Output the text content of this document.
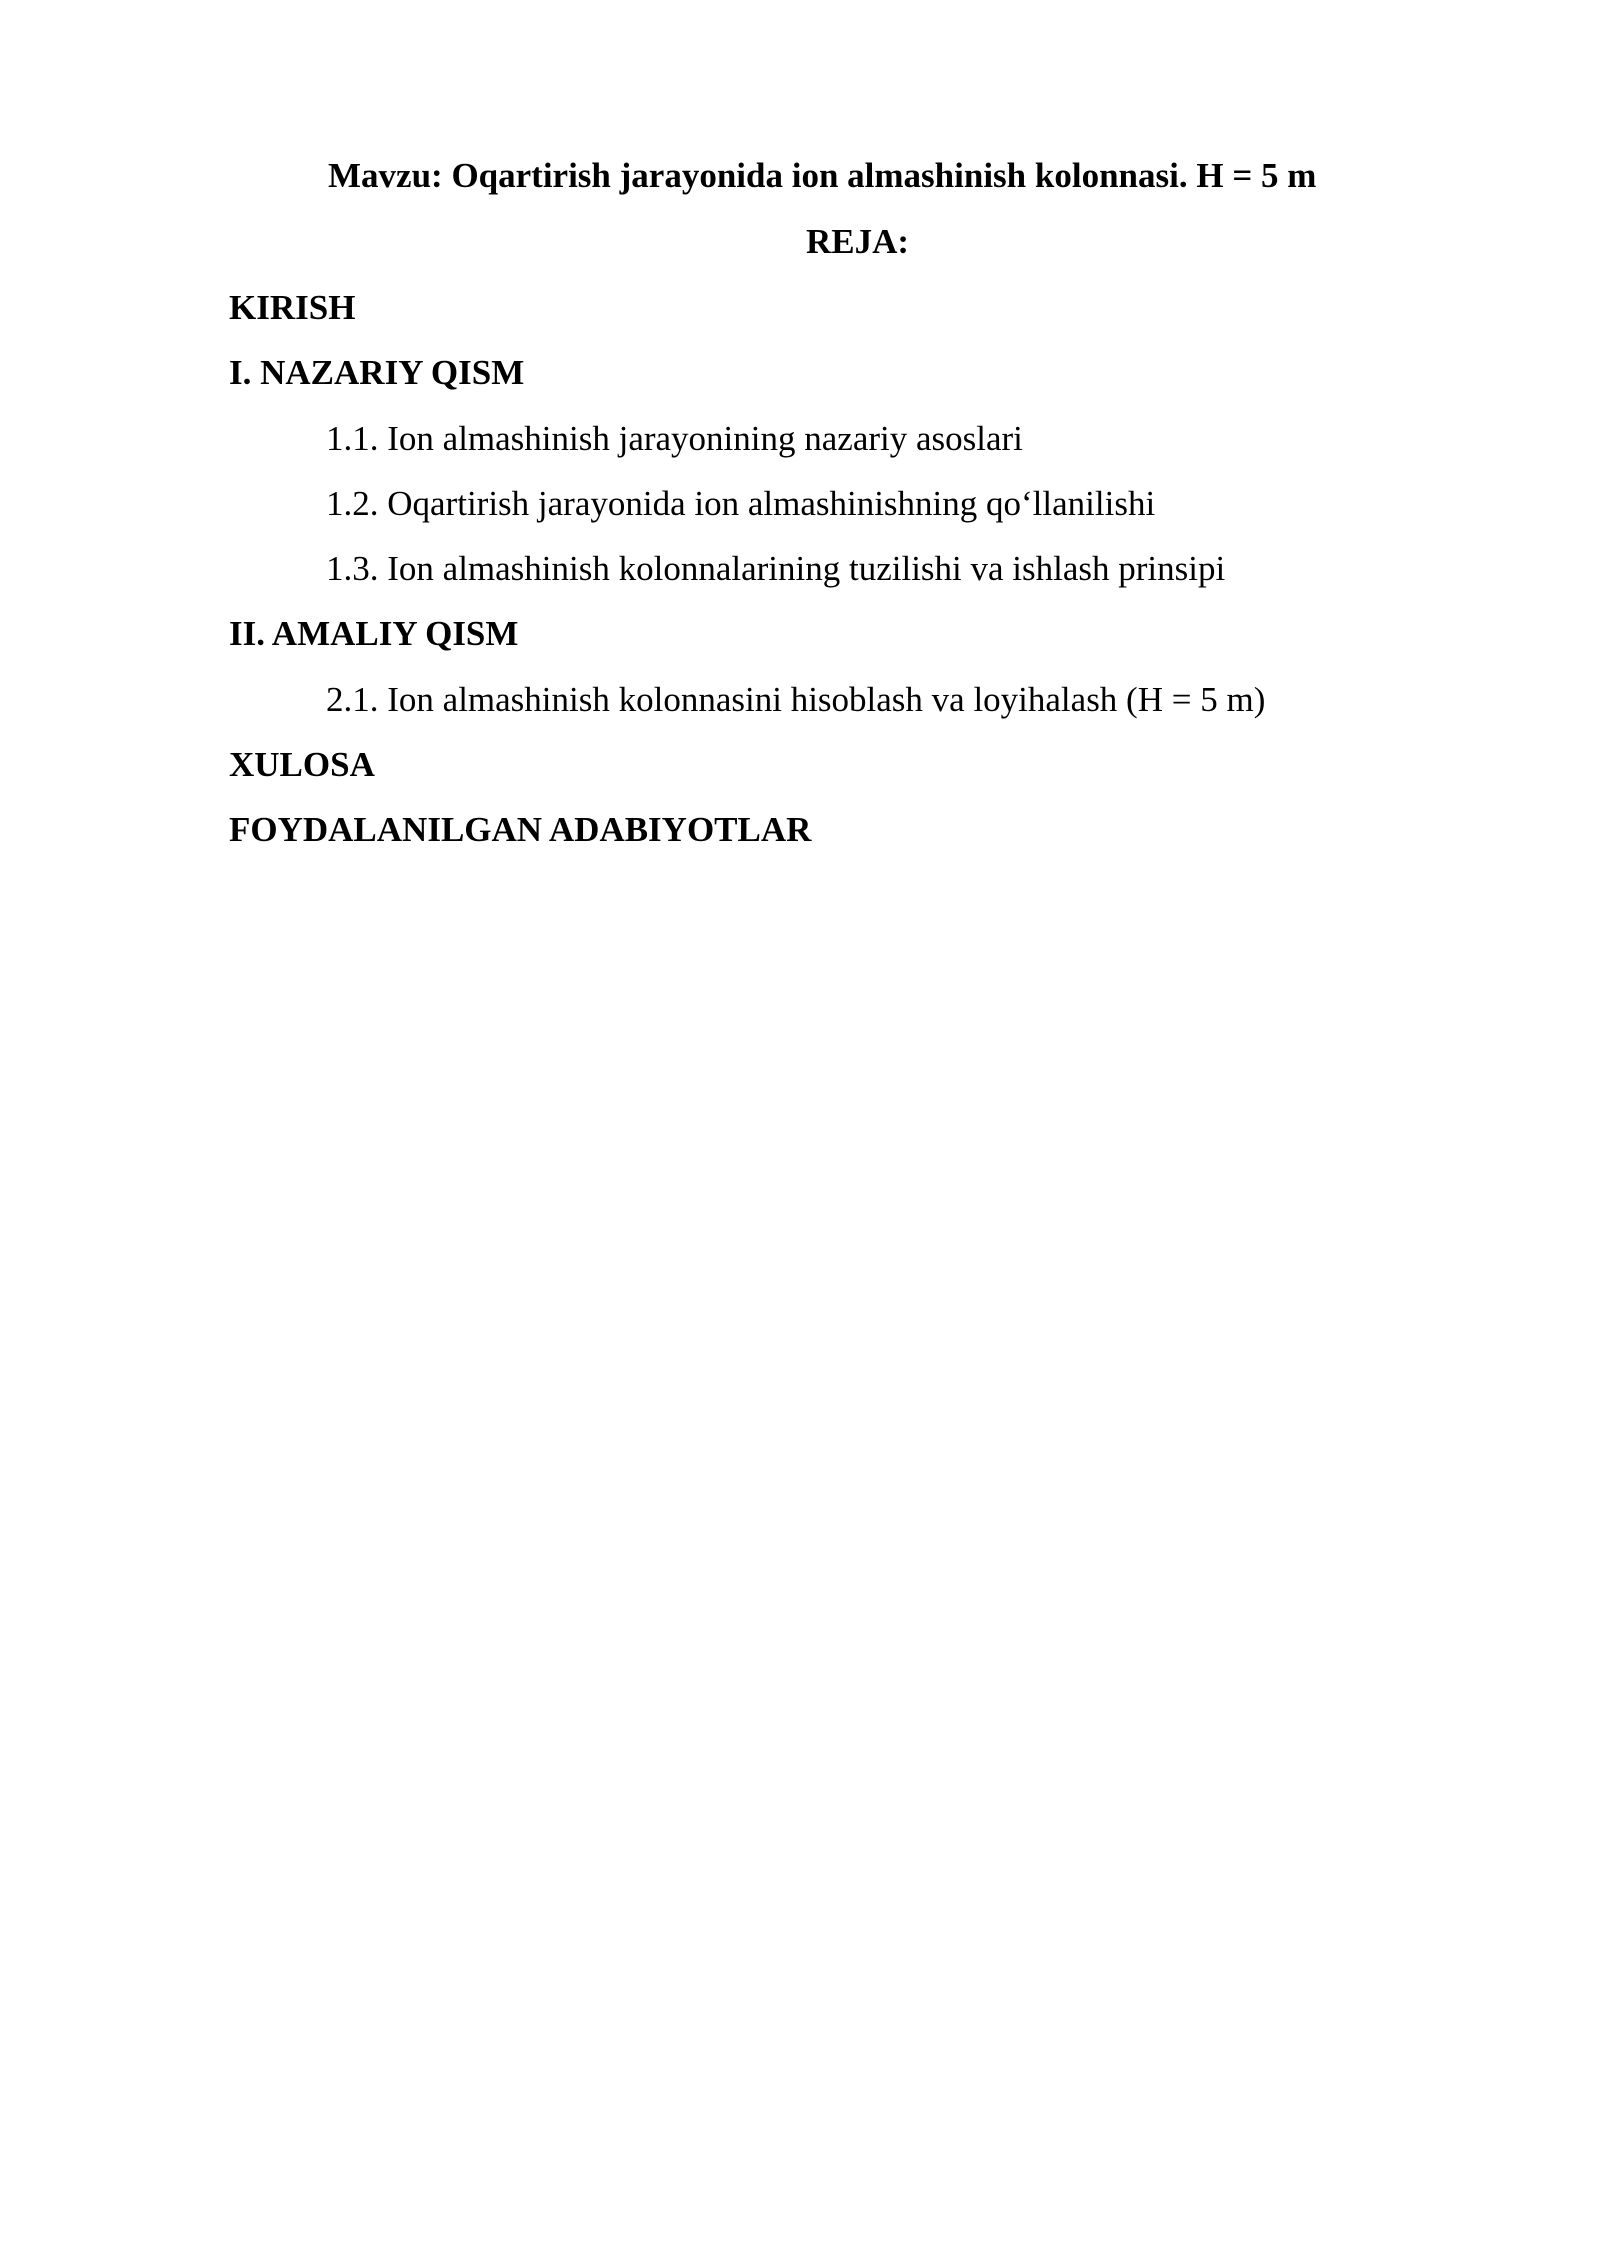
Mavzu: Oqartirish jarayonida ion almashinish kolonnasi. H = 5 m
REJA:
KIRISH
I. NAZARIY QISM
1.1. Ion almashinish jarayonining nazariy asoslari
1.2. Oqartirish jarayonida ion almashinishning qo‘llanilishi
1.3. Ion almashinish kolonnalarining tuzilishi va ishlash prinsipi
II. AMALIY QISM
2.1. Ion almashinish kolonnasini hisoblash va loyihalash (H = 5 m)
XULOSA
FOYDALANILGAN ADABIYOTLAR
